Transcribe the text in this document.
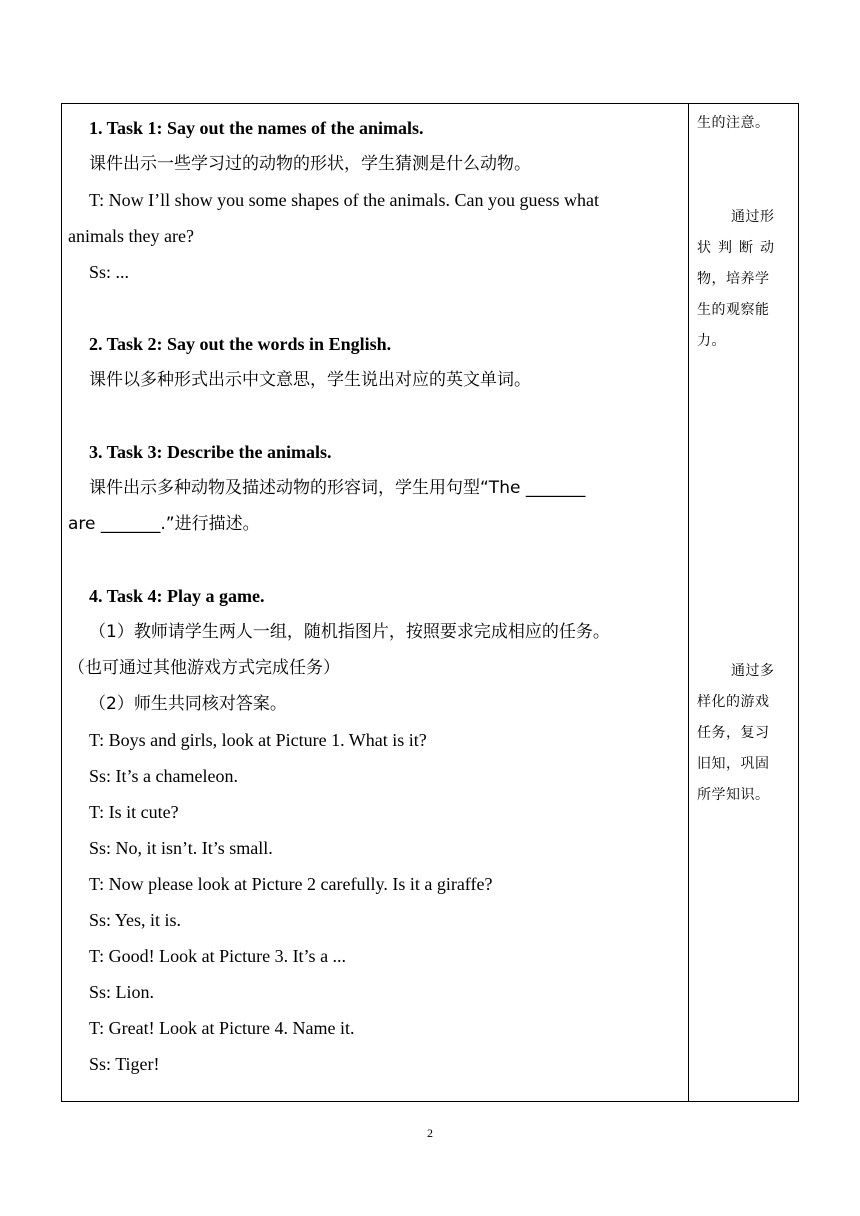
1. Task 1: Say out the names of the animals.
课件出示一些学习过的动物的形状，学生猜测是什么动物。
T: Now I’ll show you some shapes of the animals. Can you guess what
animals they are?
Ss: ...
2. Task 2: Say out the words in English.
课件以多种形式出示中文意思，学生说出对应的英文单词。
3. Task 3: Describe the animals.
课件出示多种动物及描述动物的形容词，学生用句型“The _______
are _______.”进行描述。
4. Task 4: Play a game.
（1）教师请学生两人一组，随机指图片，按照要求完成相应的任务。
（也可通过其他游戏方式完成任务）
（2）师生共同核对答案。
T: Boys and girls, look at Picture 1. What is it?
Ss: It’s a chameleon.
T: Is it cute?
Ss: No, it isn’t. It’s small.
T: Now please look at Picture 2 carefully. Is it a giraffe?
Ss: Yes, it is.
T: Good! Look at Picture 3. It’s a ...
Ss: Lion.
T: Great! Look at Picture 4. Name it.
Ss: Tiger!
生的注意。
通过形
状判断动
物，培养学
生的观察能
力。
通过多
样化的游戏
任务，复习
旧知，巩固
所学知识。
2
